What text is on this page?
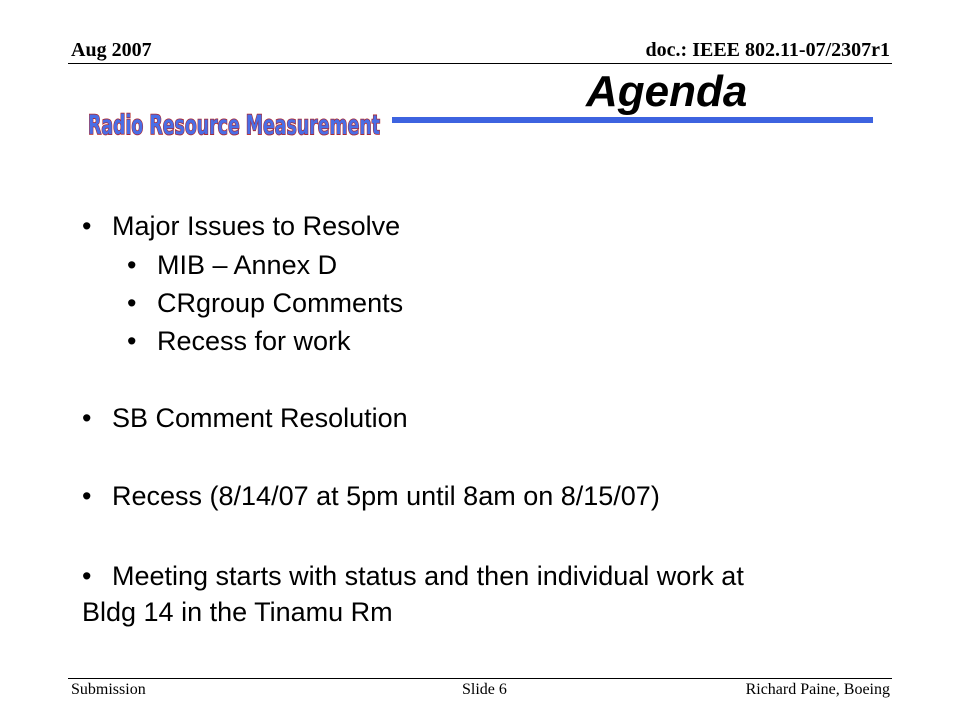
Aug 2007	doc.: IEEE 802.11-07/2307r1
Radio Resource Measurement
Agenda
• Major Issues to Resolve
• MIB – Annex D
• CRgroup Comments
• Recess for work
• SB Comment Resolution
• Recess (8/14/07 at 5pm until 8am on 8/15/07)
• Meeting starts with status and then individual work at
Bldg 14 in the Tinamu Rm
Submission	Slide 6	Richard Paine, Boeing
